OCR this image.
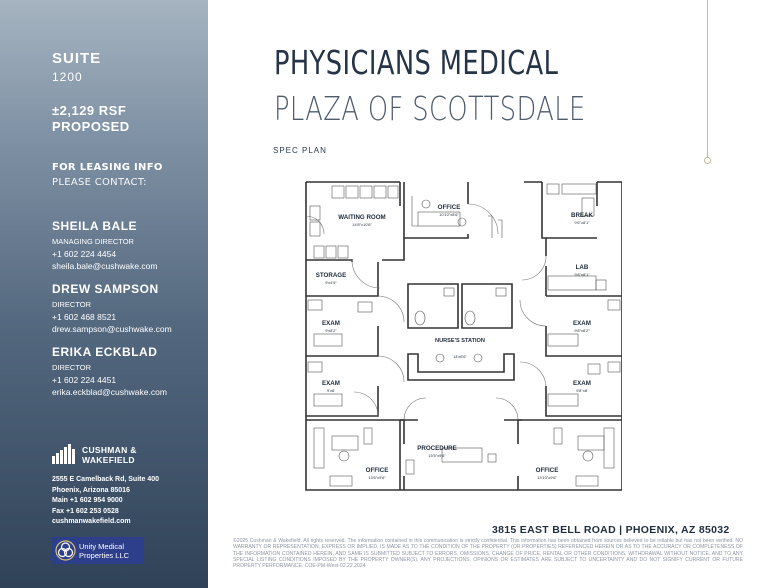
SUITE
1200
±2,129 RSF
PROPOSED
FOR LEASING INFO
PLEASE CONTACT:
SHEILA BALE
MANAGING DIRECTOR
+1 602 224 4454
sheila.bale@cushwake.com
DREW SAMPSON
DIRECTOR
+1 602 468 8521
drew.sampson@cushwake.com
ERIKA ECKBLAD
DIRECTOR
+1 602 224 4451
erika.eckblad@cushwake.com
CUSHMAN &
WAKEFIELD
2555 E Camelback Rd, Suite 400
Phoenix, Arizona 85016
Main +1 602 954 9000
Fax +1 602 253 0528
cushmanwakefield.com
Unity Medical
Properties LLC
PHYSICIANS MEDICAL
PLAZA OF SCOTTSDALE
SPEC PLAN
WAITING ROOM
14'8"x10'6"
OFFICE
10'10"x8'6"	BREAK
9'6"x8'1"
STORAGE
9'x4'9"
LAB
9'8"x8'1"
EXAM
9'x8'2"
EXAM
9'8"x8'2"
NURSE'S STATION
14'x6'6"
EXAM
9'x8'
EXAM
9'8"x8'
PROCEDURE
15'5"x9'6"
OFFICE
13'6"x9'6"
OFFICE
13'10"x9'6"
3815 EAST BELL ROAD | PHOENIX, AZ 85032
©2025 Cushman & Wakefield. All rights reserved. The information contained in this communication is strictly confidential. This information has been obtained from sources believed to be reliable but has not been verified. NO WARRANTY OR REPRESENTATION, EXPRESS OR IMPLIED, IS MADE AS TO THE CONDITION OF THE PROPERTY (OR PROPERTIES) REFERENCED HEREIN OR AS TO THE ACCURACY OR COMPLETENESS OF THE INFORMATION CONTAINED HEREIN, AND SAME IS SUBMITTED SUBJECT TO ERRORS, OMISSIONS, CHANGE OF PRICE, RENTAL OR OTHER CONDITIONS, WITHDRAWAL WITHOUT NOTICE, AND TO ANY SPECIAL LISTING CONDITIONS IMPOSED BY THE PROPERTY OWNER(S). ANY PROJECTIONS, OPINIONS OR ESTIMATES ARE SUBJECT TO UNCERTAINTY AND DO NOT SIGNIFY CURRENT OR FUTURE PROPERTY PERFORMANCE. COE-PM-West-02.22.2024
